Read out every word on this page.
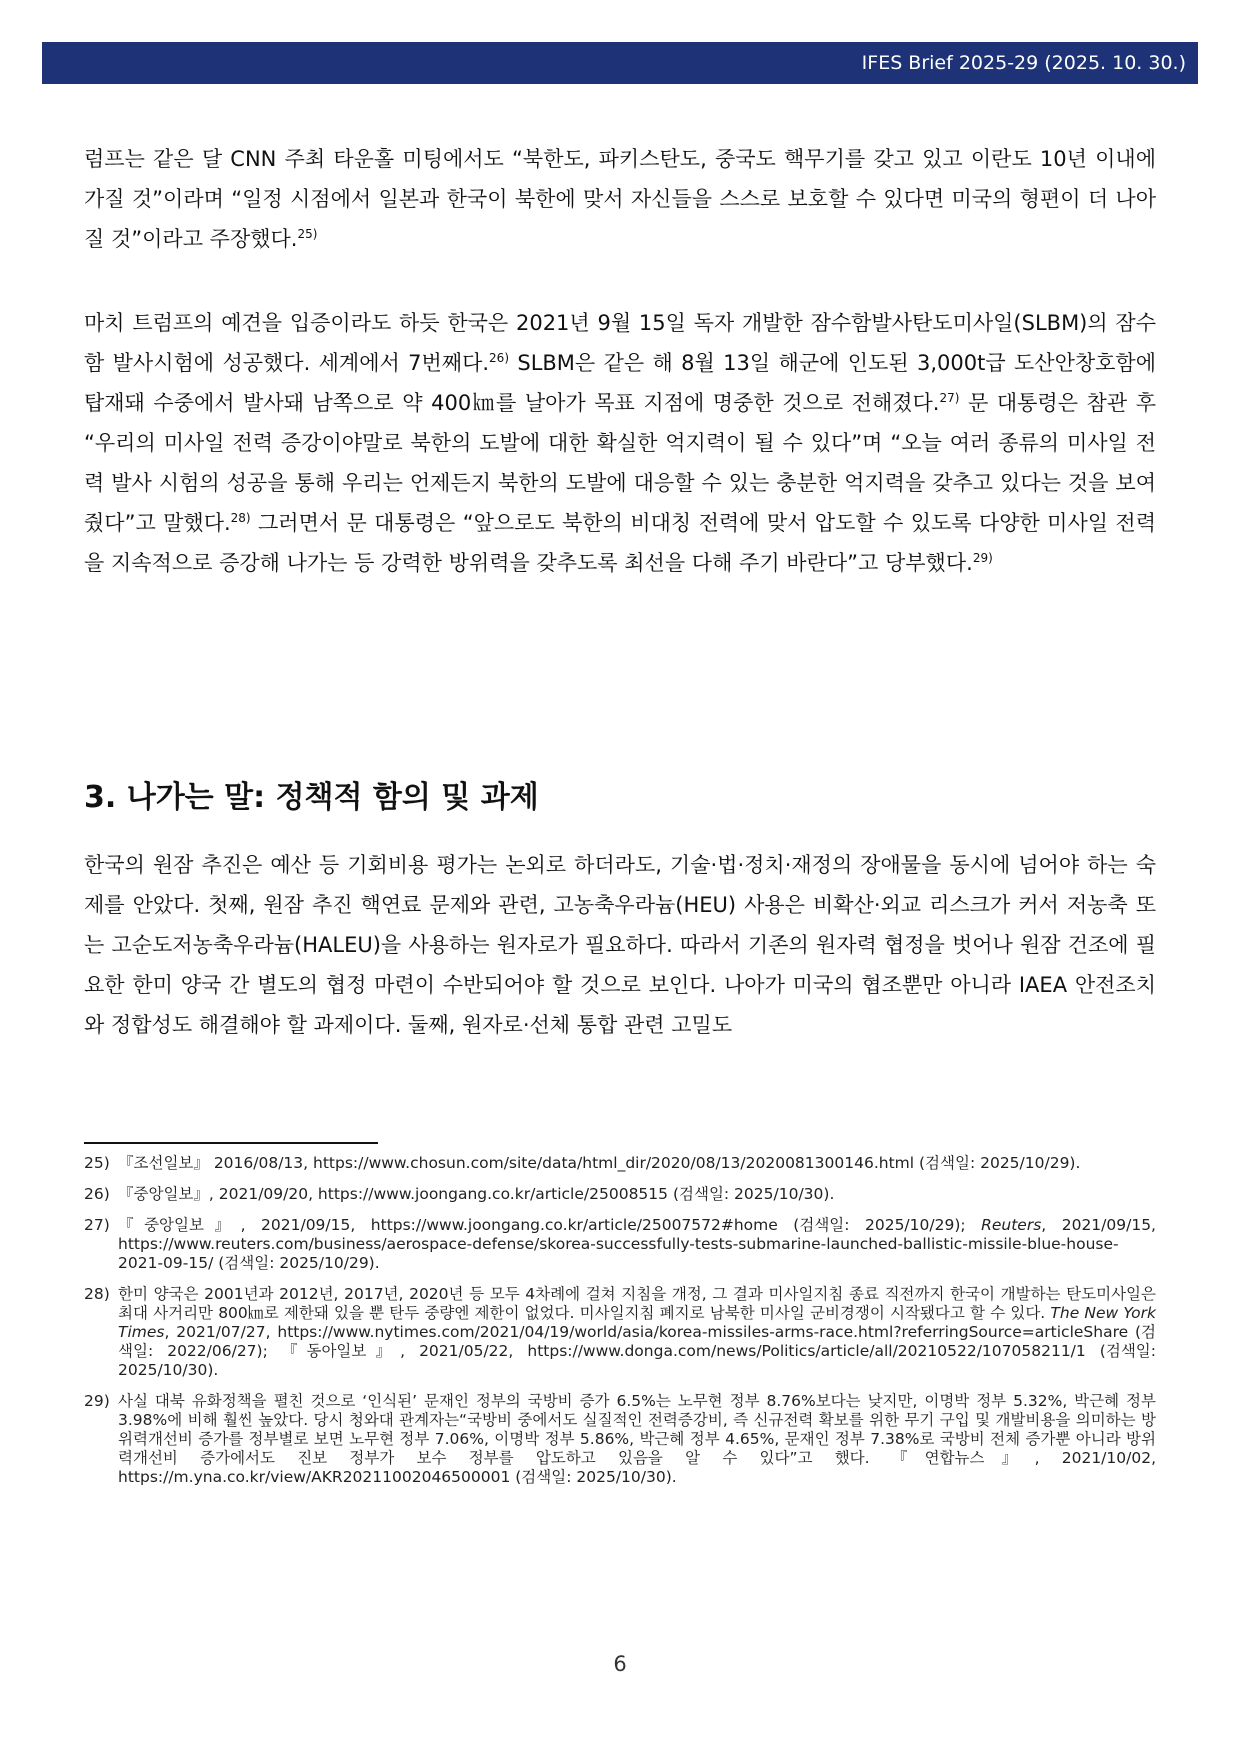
IFES Brief 2025-29 (2025. 10. 30.)

럼프는 같은 달 CNN 주최 타운홀 미팅에서도 “북한도, 파키스탄도, 중국도 핵무기를 갖고 있고 이란도 10년 이내에 가질 것”이라며 “일정 시점에서 일본과 한국이 북한에 맞서 자신들을 스스로 보호할 수 있다면 미국의 형편이 더 나아질 것”이라고 주장했다.$^{25)}$

마치 트럼프의 예견을 입증이라도 하듯 한국은 2021년 9월 15일 독자 개발한 잠수함발사탄도미사일(SLBM)의 잠수함 발사시험에 성공했다. 세계에서 7번째다.$^{26)}$ SLBM은 같은 해 8월 13일 해군에 인도된 3,000t급 도산안창호함에 탑재돼 수중에서 발사돼 남쪽으로 약 400㎞를 날아가 목표 지점에 명중한 것으로 전해졌다.$^{27)}$ 문 대통령은 참관 후 “우리의 미사일 전력 증강이야말로 북한의 도발에 대한 확실한 억지력이 될 수 있다”며 “오늘 여러 종류의 미사일 전력 발사 시험의 성공을 통해 우리는 언제든지 북한의 도발에 대응할 수 있는 충분한 억지력을 갖추고 있다는 것을 보여줬다”고 말했다.$^{28)}$ 그러면서 문 대통령은 “앞으로도 북한의 비대칭 전력에 맞서 압도할 수 있도록 다양한 미사일 전력을 지속적으로 증강해 나가는 등 강력한 방위력을 갖추도록 최선을 다해 주기 바란다”고 당부했다.$^{29)}$

3. 나가는 말: 정책적 함의 및 과제

한국의 원잠 추진은 예산 등 기회비용 평가는 논외로 하더라도, 기술·법·정치·재정의 장애물을 동시에 넘어야 하는 숙제를 안았다. 첫째, 원잠 추진 핵연료 문제와 관련, 고농축우라늄(HEU) 사용은 비확산·외교 리스크가 커서 저농축 또는 고순도저농축우라늄(HALEU)을 사용하는 원자로가 필요하다. 따라서 기존의 원자력 협정을 벗어나 원잠 건조에 필요한 한미 양국 간 별도의 협정 마련이 수반되어야 할 것으로 보인다. 나아가 미국의 협조뿐만 아니라 IAEA 안전조치와 정합성도 해결해야 할 과제이다. 둘째, 원자로·선체 통합 관련 고밀도

25) 『조선일보』 2016/08/13, https://www.chosun.com/site/data/html_dir/2020/08/13/2020081300146.html (검색일: 2025/10/29).
26) 『중앙일보』, 2021/09/20, https://www.joongang.co.kr/article/25008515 (검색일: 2025/10/30).
27) 『중앙일보』, 2021/09/15, https://www.joongang.co.kr/article/25007572#home (검색일: 2025/10/29); Reuters, 2021/09/15, https://www.reuters.com/business/aerospace-defense/skorea-successfully-tests-submarine-launched-ballistic-missile-blue-house-2021-09-15/ (검색일: 2025/10/29).
28) 한미 양국은 2001년과 2012년, 2017년, 2020년 등 모두 4차례에 걸쳐 지침을 개정, 그 결과 미사일지침 종료 직전까지 한국이 개발하는 탄도미사일은 최대 사거리만 800㎞로 제한돼 있을 뿐 탄두 중량엔 제한이 없었다. 미사일지침 폐지로 남북한 미사일 군비경쟁이 시작됐다고 할 수 있다. The New York Times, 2021/07/27, https://www.nytimes.com/2021/04/19/world/asia/korea-missiles-arms-race.html?referringSource=articleShare (검색일: 2022/06/27); 『동아일보』, 2021/05/22, https://www.donga.com/news/Politics/article/all/20210522/107058211/1 (검색일: 2025/10/30).
29) 사실 대북 유화정책을 펼친 것으로 ‘인식된’ 문재인 정부의 국방비 증가 6.5%는 노무현 정부 8.76%보다는 낮지만, 이명박 정부 5.32%, 박근혜 정부 3.98%에 비해 훨씬 높았다. 당시 청와대 관계자는“국방비 중에서도 실질적인 전력증강비, 즉 신규전력 확보를 위한 무기 구입 및 개발비용을 의미하는 방위력개선비 증가를 정부별로 보면 노무현 정부 7.06%, 이명박 정부 5.86%, 박근혜 정부 4.65%, 문재인 정부 7.38%로 국방비 전체 증가뿐 아니라 방위력개선비 증가에서도 진보 정부가 보수 정부를 압도하고 있음을 알 수 있다”고 했다. 『연합뉴스』, 2021/10/02, https://m.yna.co.kr/view/AKR20211002046500001 (검색일: 2025/10/30).
6
